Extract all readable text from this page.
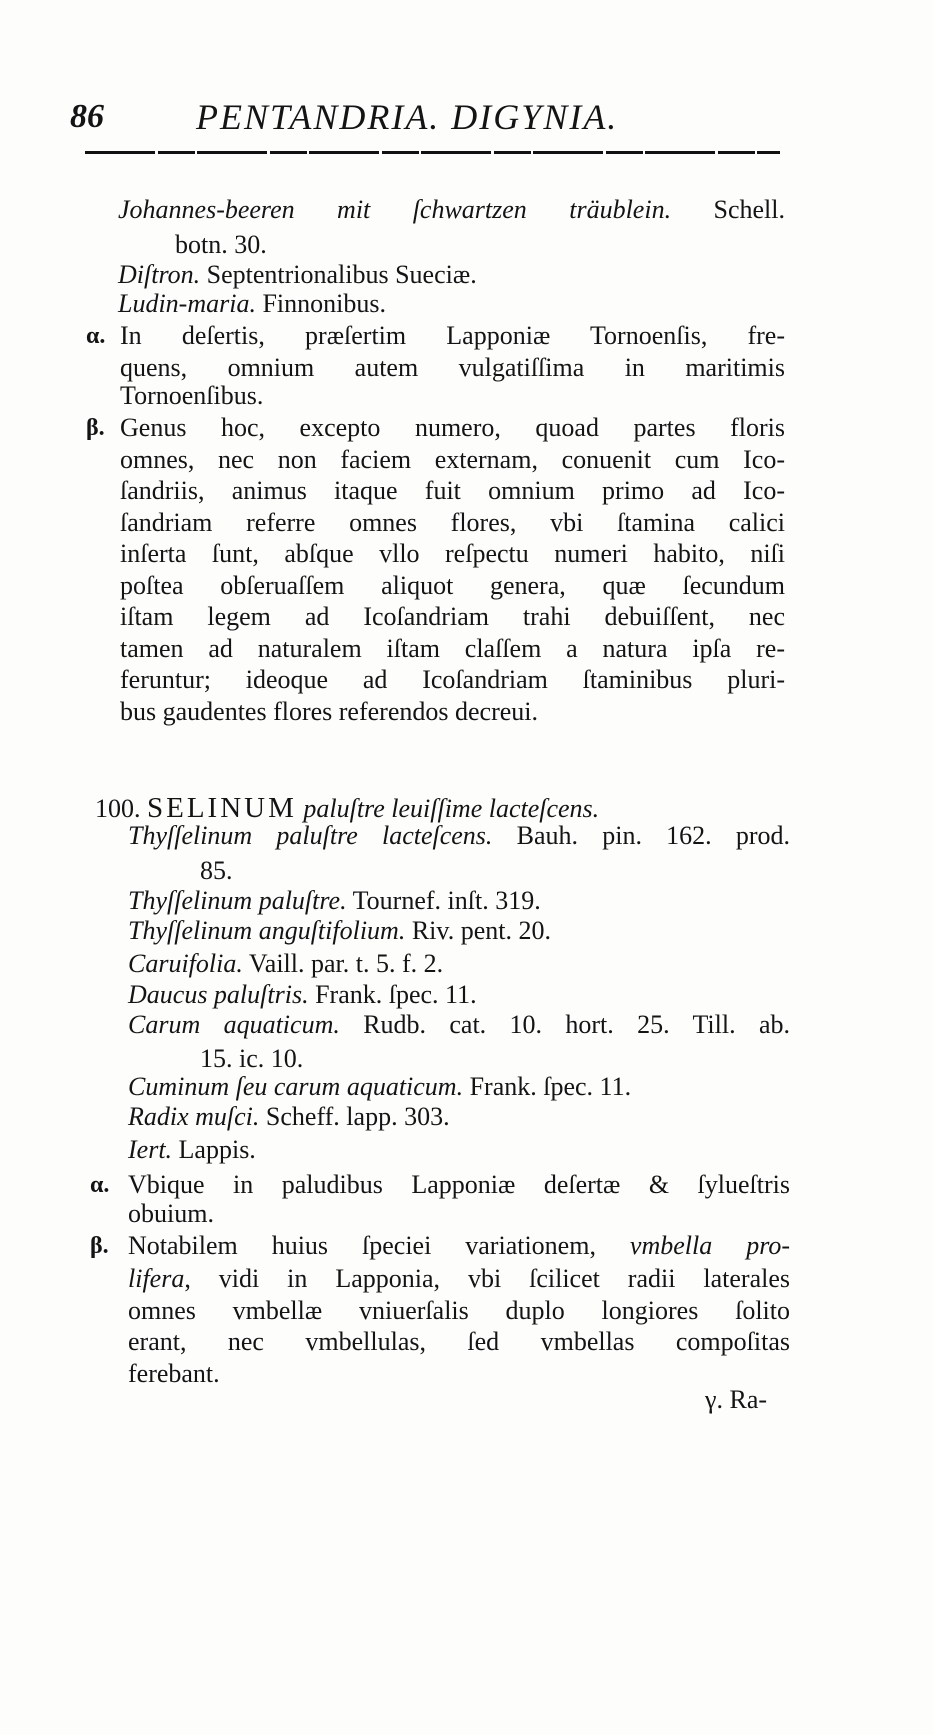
86	PENTANDRIA. DIGYNIA.
Johannes-beeren mit ſchwartzen träublein. Schell.
botn. 30.
Diſtron. Septentrionalibus Sueciæ.
Ludin-maria. Finnonibus.
α. In deſertis, præſertim Lapponiæ Tornoenſis, fre-
quens, omnium autem vulgatiſſima in maritimis
Tornoenſibus.
β. Genus hoc, excepto numero, quoad partes floris
omnes, nec non faciem externam, conuenit cum Ico-
ſandriis, animus itaque fuit omnium primo ad Ico-
ſandriam referre omnes flores, vbi ſtamina calici
inſerta ſunt, abſque vllo reſpectu numeri habito, niſi
poſtea obſeruaſſem aliquot genera, quæ ſecundum
iſtam legem ad Icoſandriam trahi debuiſſent, nec
tamen ad naturalem iſtam claſſem a natura ipſa re-
feruntur; ideoque ad Icoſandriam ſtaminibus pluri-
bus gaudentes flores referendos decreui.
100. SELINUM paluſtre leuiſſime lacteſcens.
Thyſſelinum paluſtre lacteſcens. Bauh. pin. 162. prod.
85.
Thyſſelinum paluſtre. Tournef. inſt. 319.
Thyſſelinum anguſtifolium. Riv. pent. 20.
Caruifolia. Vaill. par. t. 5. f. 2.
Daucus paluſtris. Frank. ſpec. 11.
Carum aquaticum. Rudb. cat. 10. hort. 25. Till. ab.
15. ic. 10.
Cuminum ſeu carum aquaticum. Frank. ſpec. 11.
Radix muſci. Scheff. lapp. 303.
Iert. Lappis.
α. Vbique in paludibus Lapponiæ deſertæ & ſylueſtris
obuium.
β. Notabilem huius ſpeciei variationem, vmbella pro-
lifera, vidi in Lapponia, vbi ſcilicet radii laterales
omnes vmbellæ vniuerſalis duplo longiores ſolito
erant, nec vmbellulas, ſed vmbellas compoſitas
ferebant.
γ. Ra-
